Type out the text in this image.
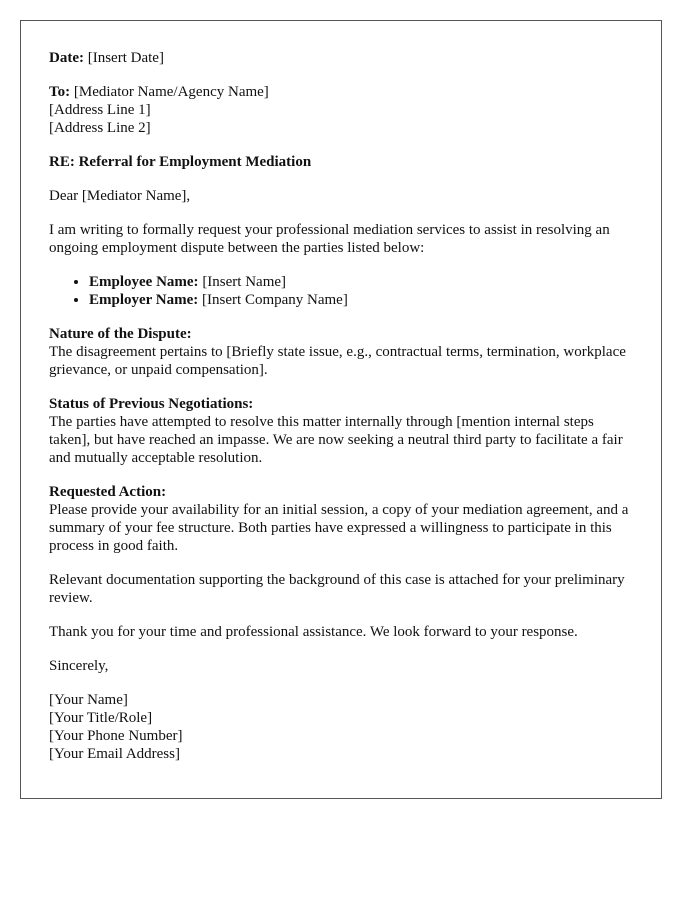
Date: [Insert Date]

To: [Mediator Name/Agency Name]
[Address Line 1]
[Address Line 2]

RE: Referral for Employment Mediation

Dear [Mediator Name],

I am writing to formally request your professional mediation services to assist in resolving an ongoing employment dispute between the parties listed below:

• Employee Name: [Insert Name]
• Employer Name: [Insert Company Name]

Nature of the Dispute:
The disagreement pertains to [Briefly state issue, e.g., contractual terms, termination, workplace grievance, or unpaid compensation].

Status of Previous Negotiations:
The parties have attempted to resolve this matter internally through [mention internal steps taken], but have reached an impasse. We are now seeking a neutral third party to facilitate a fair and mutually acceptable resolution.

Requested Action:
Please provide your availability for an initial session, a copy of your mediation agreement, and a summary of your fee structure. Both parties have expressed a willingness to participate in this process in good faith.

Relevant documentation supporting the background of this case is attached for your preliminary review.

Thank you for your time and professional assistance. We look forward to your response.

Sincerely,

[Your Name]
[Your Title/Role]
[Your Phone Number]
[Your Email Address]
